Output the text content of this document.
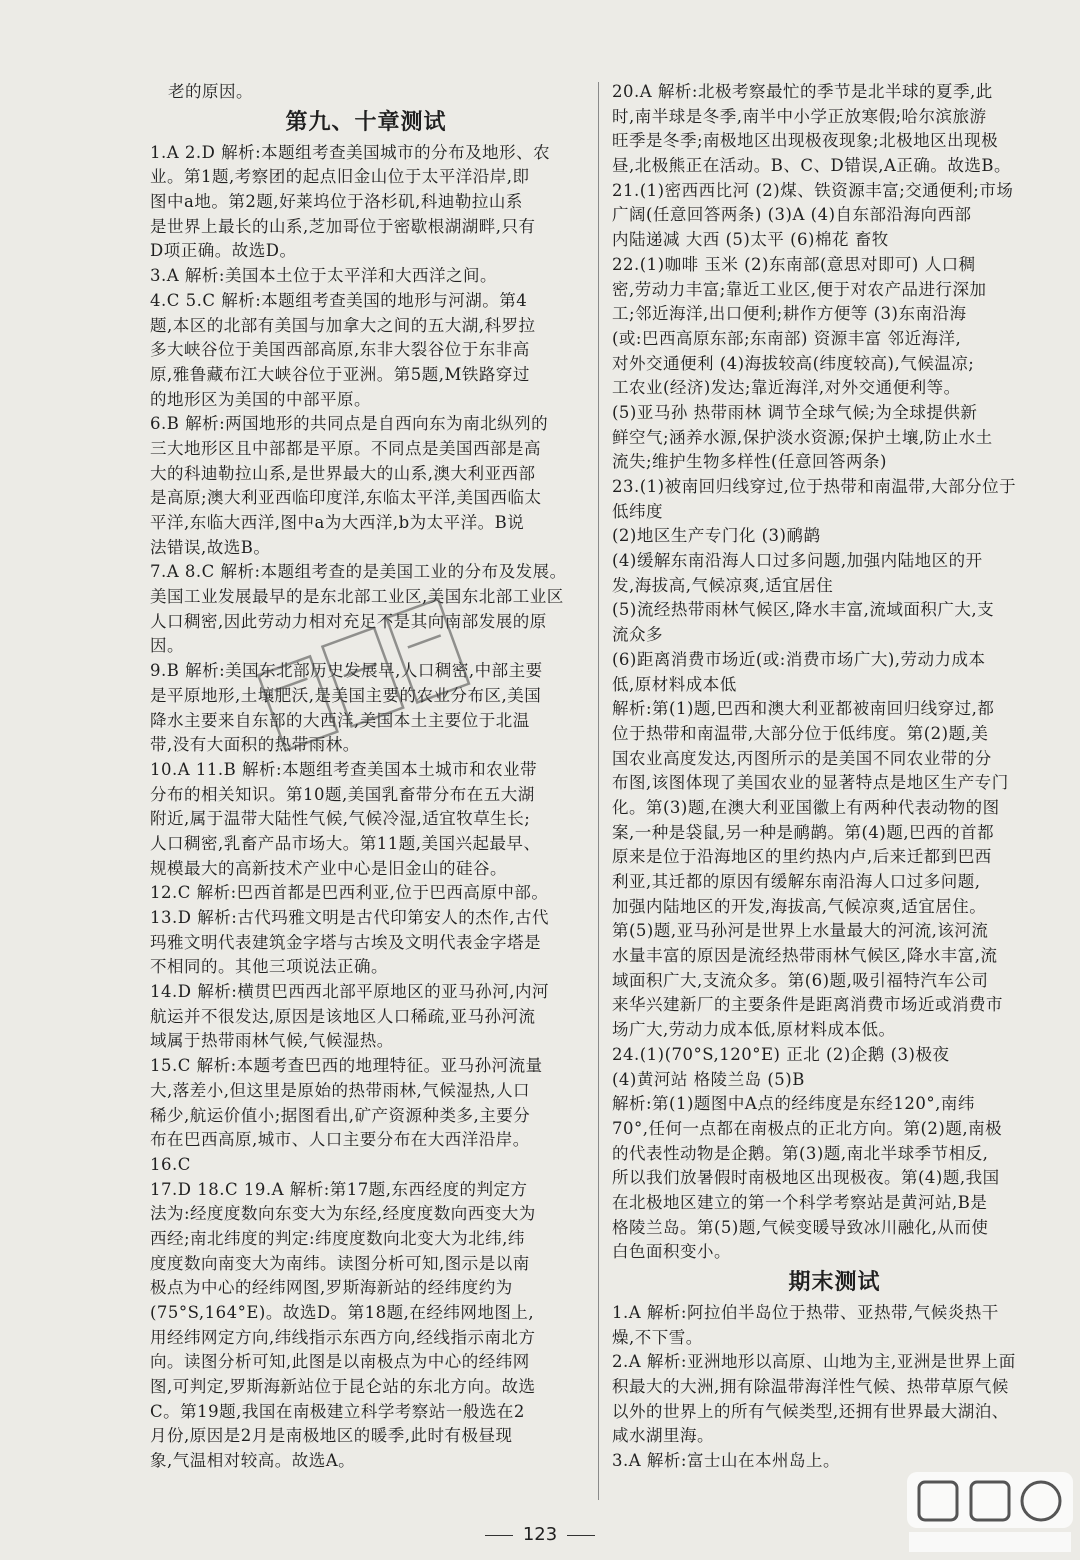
老的原因。
第九、十章测试
1.A 2.D 解析:本题组考查美国城市的分布及地形、农
业。第1题,考察团的起点旧金山位于太平洋沿岸,即
图中a地。第2题,好莱坞位于洛杉矶,科迪勒拉山系
是世界上最长的山系,芝加哥位于密歇根湖湖畔,只有
D项正确。故选D。
3.A 解析:美国本土位于太平洋和大西洋之间。
4.C 5.C 解析:本题组考查美国的地形与河湖。第4
题,本区的北部有美国与加拿大之间的五大湖,科罗拉
多大峡谷位于美国西部高原,东非大裂谷位于东非高
原,雅鲁藏布江大峡谷位于亚洲。第5题,M铁路穿过
的地形区为美国的中部平原。
6.B 解析:两国地形的共同点是自西向东为南北纵列的
三大地形区且中部都是平原。不同点是美国西部是高
大的科迪勒拉山系,是世界最大的山系,澳大利亚西部
是高原;澳大利亚西临印度洋,东临太平洋,美国西临太
平洋,东临大西洋,图中a为大西洋,b为太平洋。B说
法错误,故选B。
7.A 8.C 解析:本题组考查的是美国工业的分布及发展。
美国工业发展最早的是东北部工业区,美国东北部工业区
人口稠密,因此劳动力相对充足不是其向南部发展的原
因。
9.B 解析:美国东北部历史发展早,人口稠密,中部主要
是平原地形,土壤肥沃,是美国主要的农业分布区,美国
降水主要来自东部的大西洋,美国本土主要位于北温
带,没有大面积的热带雨林。
10.A 11.B 解析:本题组考查美国本土城市和农业带
分布的相关知识。第10题,美国乳畜带分布在五大湖
附近,属于温带大陆性气候,气候冷湿,适宜牧草生长;
人口稠密,乳畜产品市场大。第11题,美国兴起最早、
规模最大的高新技术产业中心是旧金山的硅谷。
12.C 解析:巴西首都是巴西利亚,位于巴西高原中部。
13.D 解析:古代玛雅文明是古代印第安人的杰作,古代
玛雅文明代表建筑金字塔与古埃及文明代表金字塔是
不相同的。其他三项说法正确。
14.D 解析:横贯巴西西北部平原地区的亚马孙河,内河
航运并不很发达,原因是该地区人口稀疏,亚马孙河流
域属于热带雨林气候,气候湿热。
15.C 解析:本题考查巴西的地理特征。亚马孙河流量
大,落差小,但这里是原始的热带雨林,气候湿热,人口
稀少,航运价值小;据图看出,矿产资源种类多,主要分
布在巴西高原,城市、人口主要分布在大西洋沿岸。
16.C
17.D 18.C 19.A 解析:第17题,东西经度的判定方
法为:经度度数向东变大为东经,经度度数向西变大为
西经;南北纬度的判定:纬度度数向北变大为北纬,纬
度度数向南变大为南纬。读图分析可知,图示是以南
极点为中心的经纬网图,罗斯海新站的经纬度约为
(75°S,164°E)。故选D。第18题,在经纬网地图上,
用经纬网定方向,纬线指示东西方向,经线指示南北方
向。读图分析可知,此图是以南极点为中心的经纬网
图,可判定,罗斯海新站位于昆仑站的东北方向。故选
C。第19题,我国在南极建立科学考察站一般选在2
月份,原因是2月是南极地区的暖季,此时有极昼现
象,气温相对较高。故选A。
20.A 解析:北极考察最忙的季节是北半球的夏季,此
时,南半球是冬季,南半中小学正放寒假;哈尔滨旅游
旺季是冬季;南极地区出现极夜现象;北极地区出现极
昼,北极熊正在活动。B、C、D错误,A正确。故选B。
21.(1)密西西比河 (2)煤、铁资源丰富;交通便利;市场
广阔(任意回答两条) (3)A (4)自东部沿海向西部
内陆递减 大西 (5)太平 (6)棉花 畜牧
22.(1)咖啡 玉米 (2)东南部(意思对即可) 人口稠
密,劳动力丰富;靠近工业区,便于对农产品进行深加
工;邻近海洋,出口便利;耕作方便等 (3)东南沿海
(或:巴西高原东部;东南部) 资源丰富 邻近海洋,
对外交通便利 (4)海拔较高(纬度较高),气候温凉;
工农业(经济)发达;靠近海洋,对外交通便利等。
(5)亚马孙 热带雨林 调节全球气候;为全球提供新
鲜空气;涵养水源,保护淡水资源;保护土壤,防止水土
流失;维护生物多样性(任意回答两条)
23.(1)被南回归线穿过,位于热带和南温带,大部分位于
低纬度
(2)地区生产专门化 (3)鸸鹋
(4)缓解东南沿海人口过多问题,加强内陆地区的开
发,海拔高,气候凉爽,适宜居住
(5)流经热带雨林气候区,降水丰富,流域面积广大,支
流众多
(6)距离消费市场近(或:消费市场广大),劳动力成本
低,原材料成本低
解析:第(1)题,巴西和澳大利亚都被南回归线穿过,都
位于热带和南温带,大部分位于低纬度。第(2)题,美
国农业高度发达,丙图所示的是美国不同农业带的分
布图,该图体现了美国农业的显著特点是地区生产专门
化。第(3)题,在澳大利亚国徽上有两种代表动物的图
案,一种是袋鼠,另一种是鸸鹋。第(4)题,巴西的首都
原来是位于沿海地区的里约热内卢,后来迁都到巴西
利亚,其迁都的原因有缓解东南沿海人口过多问题,
加强内陆地区的开发,海拔高,气候凉爽,适宜居住。
第(5)题,亚马孙河是世界上水量最大的河流,该河流
水量丰富的原因是流经热带雨林气候区,降水丰富,流
域面积广大,支流众多。第(6)题,吸引福特汽车公司
来华兴建新厂的主要条件是距离消费市场近或消费市
场广大,劳动力成本低,原材料成本低。
24.(1)(70°S,120°E) 正北 (2)企鹅 (3)极夜
(4)黄河站 格陵兰岛 (5)B
解析:第(1)题图中A点的经纬度是东经120°,南纬
70°,任何一点都在南极点的正北方向。第(2)题,南极
的代表性动物是企鹅。第(3)题,南北半球季节相反,
所以我们放暑假时南极地区出现极夜。第(4)题,我国
在北极地区建立的第一个科学考察站是黄河站,B是
格陵兰岛。第(5)题,气候变暖导致冰川融化,从而使
白色面积变小。
期末测试
1.A 解析:阿拉伯半岛位于热带、亚热带,气候炎热干
燥,不下雪。
2.A 解析:亚洲地形以高原、山地为主,亚洲是世界上面
积最大的大洲,拥有除温带海洋性气候、热带草原气候
以外的世界上的所有气候类型,还拥有世界最大湖泊、
咸水湖里海。
3.A 解析:富士山在本州岛上。
123
